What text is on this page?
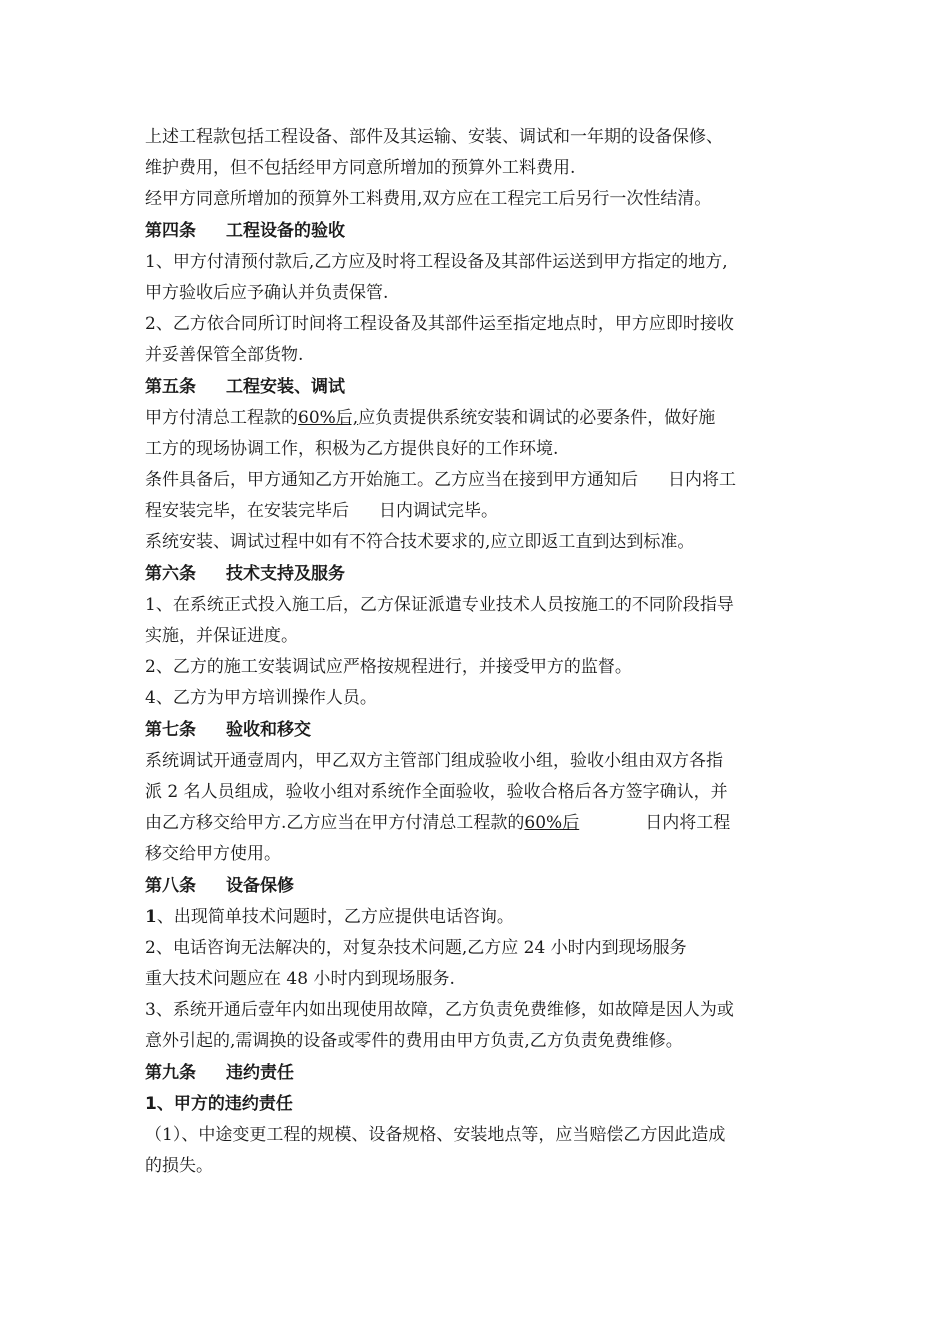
上述工程款包括工程设备、部件及其运输、安装、调试和一年期的设备保修、
维护费用，但不包括经甲方同意所增加的预算外工料费用.
经甲方同意所增加的预算外工料费用,双方应在工程完工后另行一次性结清。
第四条 工程设备的验收
1、甲方付清预付款后,乙方应及时将工程设备及其部件运送到甲方指定的地方,
甲方验收后应予确认并负责保管.
2、乙方依合同所订时间将工程设备及其部件运至指定地点时，甲方应即时接收
并妥善保管全部货物.
第五条 工程安装、调试
甲方付清总工程款的60%后,应负责提供系统安装和调试的必要条件，做好施
工方的现场协调工作，积极为乙方提供良好的工作环境.
条件具备后，甲方通知乙方开始施工。乙方应当在接到甲方通知后 日内将工
程安装完毕，在安装完毕后 日内调试完毕。
系统安装、调试过程中如有不符合技术要求的,应立即返工直到达到标准。
第六条 技术支持及服务
1、在系统正式投入施工后，乙方保证派遣专业技术人员按施工的不同阶段指导
实施，并保证进度。
2、乙方的施工安装调试应严格按规程进行，并接受甲方的监督。
4、乙方为甲方培训操作人员。
第七条 验收和移交
系统调试开通壹周内，甲乙双方主管部门组成验收小组，验收小组由双方各指
派 2 名人员组成，验收小组对系统作全面验收，验收合格后各方签字确认，并
由乙方移交给甲方.乙方应当在甲方付清总工程款的60%后	日内将工程
移交给甲方使用。
第八条 设备保修
1、出现简单技术问题时，乙方应提供电话咨询。
2、电话咨询无法解决的，对复杂技术问题,乙方应 24 小时内到现场服务
重大技术问题应在 48 小时内到现场服务.
3、系统开通后壹年内如出现使用故障，乙方负责免费维修，如故障是因人为或
意外引起的,需调换的设备或零件的费用由甲方负责,乙方负责免费维修。
第九条 违约责任
1、甲方的违约责任
（1）、中途变更工程的规模、设备规格、安装地点等，应当赔偿乙方因此造成
的损失。
